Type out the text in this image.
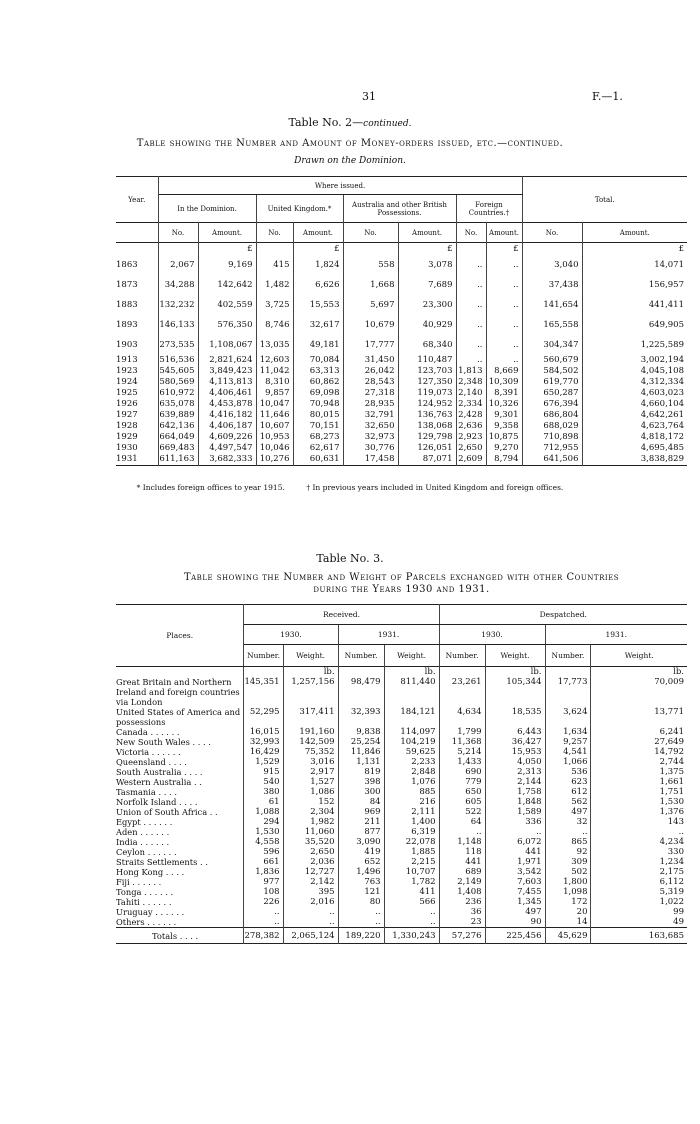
31	F.—1.
Table No. 2—continued.
Table showing the Number and Amount of Money-orders issued, etc.—continued.
Drawn on the Dominion.
Year.	Where issued.								Total.	
	In the Dominion.		United Kingdom.*		Australia and other British Possessions.		Foreign Countries.†			
	No.	Amount.	No.	Amount.	No.	Amount.	No.	Amount.	No.	Amount.
		£		£		£		£		£
1863	2,067	9,169	415	1,824	558	3,078	..	..	3,040	14,071
1873	34,288	142,642	1,482	6,626	1,668	7,689	..	..	37,438	156,957
1883	132,232	402,559	3,725	15,553	5,697	23,300	..	..	141,654	441,411
1893	146,133	576,350	8,746	32,617	10,679	40,929	..	..	165,558	649,905
1903	273,535	1,108,067	13,035	49,181	17,777	68,340	..	..	304,347	1,225,589
1913	516,536	2,821,624	12,603	70,084	31,450	110,487	..	..	560,679	3,002,194
1923	545,605	3,849,423	11,042	63,313	26,042	123,703	1,813	8,669	584,502	4,045,108
1924	580,569	4,113,813	8,310	60,862	28,543	127,350	2,348	10,309	619,770	4,312,334
1925	610,972	4,406,461	9,857	69,098	27,318	119,073	2,140	8,391	650,287	4,603,023
1926	635,078	4,453,878	10,047	70,948	28,935	124,952	2,334	10,326	676,394	4,660,104
1927	639,889	4,416,182	11,646	80,015	32,791	136,763	2,428	9,301	686,804	4,642,261
1928	642,136	4,406,187	10,607	70,151	32,650	138,068	2,636	9,358	688,029	4,623,764
1929	664,049	4,609,226	10,953	68,273	32,973	129,798	2,923	10,875	710,898	4,818,172
1930	669,483	4,497,547	10,046	62,617	30,776	126,051	2,650	9,270	712,955	4,695,485
1931	611,163	3,682,333	10,276	60,631	17,458	87,071	2,609	8,794	641,506	3,838,829
* Includes foreign offices to year 1915.	† In previous years included in United Kingdom and foreign offices.
Table No. 3.
Table showing the Number and Weight of Parcels exchanged with other Countries
during the Years 1930 and 1931.
Places.	Received.				Despatched.			
	1930.		1931.		1930.		1931.	
	Number.	Weight.	Number.	Weight.	Number.	Weight.	Number.	Weight.
		lb.		lb.		lb.		lb.
Great Britain and Northern Ireland and foreign countries via London	145,351	1,257,156	98,479	811,440	23,261	105,344	17,773	70,009
United States of America and possessions	52,295	317,411	32,393	184,121	4,634	18,535	3,624	13,771
Canada . . . . . .	16,015	191,160	9,838	114,097	1,799	6,443	1,634	6,241
New South Wales . . . .	32,993	142,509	25,254	104,219	11,368	36,427	9,257	27,649
Victoria . . . . . .	16,429	75,352	11,846	59,625	5,214	15,953	4,541	14,792
Queensland . . . .	1,529	3,016	1,131	2,233	1,433	4,050	1,066	2,744
South Australia . . . .	915	2,917	819	2,848	690	2,313	536	1,375
Western Australia . .	540	1,527	398	1,076	779	2,144	623	1,661
Tasmania . . . .	380	1,086	300	885	650	1,758	612	1,751
Norfolk Island . . . .	61	152	84	216	605	1,848	562	1,530
Union of South Africa . .	1,088	2,304	969	2,111	522	1,589	497	1,376
Egypt . . . . . .	294	1,982	211	1,400	64	336	32	143
Aden . . . . . .	1,530	11,060	877	6,319	..	..	..	..
India . . . . . .	4,558	35,520	3,090	22,078	1,148	6,072	865	4,234
Ceylon . . . . . .	596	2,650	419	1,885	118	441	92	330
Straits Settlements . .	661	2,036	652	2,215	441	1,971	309	1,234
Hong Kong . . . .	1,836	12,727	1,496	10,707	689	3,542	502	2,175
Fiji . . . . . .	977	2,142	763	1,782	2,149	7,603	1,800	6,112
Tonga . . . . . .	108	395	121	411	1,408	7,455	1,098	5,319
Tahiti . . . . . .	226	2,016	80	566	236	1,345	172	1,022
Uruguay . . . . . .	..	..	..	..	36	497	20	99
Others . . . . . .	..	..	..	..	23	90	14	49
Totals . . . .	278,382	2,065,124	189,220	1,330,243	57,276	225,456	45,629	163,685
